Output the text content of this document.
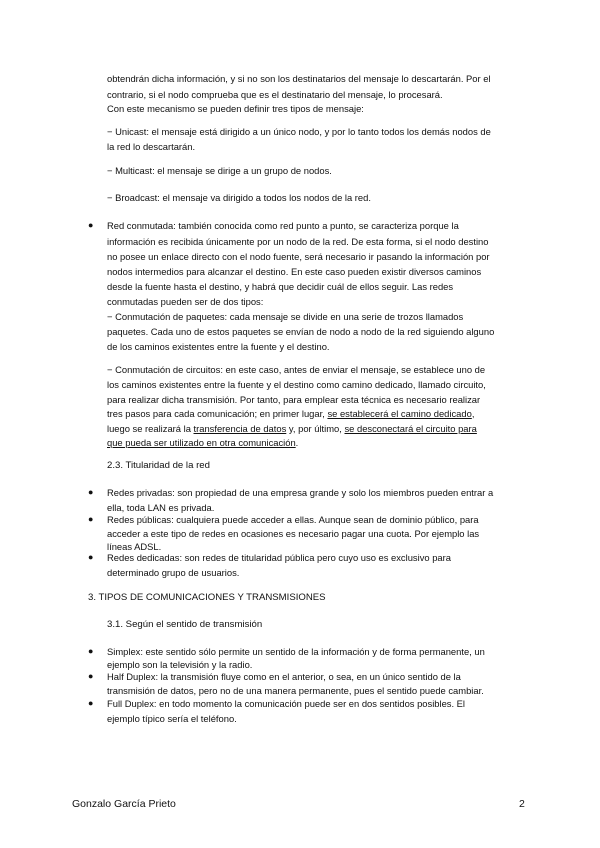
obtendrán dicha información, y si no son los destinatarios del mensaje lo descartarán. Por el

contrario, si el nodo comprueba que es el destinatario del mensaje, lo procesará.

Con este mecanismo se pueden definir tres tipos de mensaje:

− Unicast: el mensaje está dirigido a un único nodo, y por lo tanto todos los demás nodos de

la red lo descartarán.

− Multicast: el mensaje se dirige a un grupo de nodos.

− Broadcast: el mensaje va dirigido a todos los nodos de la red.

● Red conmutada: también conocida como red punto a punto, se caracteriza porque la

información es recibida únicamente por un nodo de la red. De esta forma, si el nodo destino

no posee un enlace directo con el nodo fuente, será necesario ir pasando la información por

nodos intermedios para alcanzar el destino. En este caso pueden existir diversos caminos

desde la fuente hasta el destino, y habrá que decidir cuál de ellos seguir. Las redes

conmutadas pueden ser de dos tipos:

− Conmutación de paquetes: cada mensaje se divide en una serie de trozos llamados

paquetes. Cada uno de estos paquetes se envían de nodo a nodo de la red siguiendo alguno

de los caminos existentes entre la fuente y el destino.

− Conmutación de circuitos: en este caso, antes de enviar el mensaje, se establece uno de

los caminos existentes entre la fuente y el destino como camino dedicado, llamado circuito,

para realizar dicha transmisión. Por tanto, para emplear esta técnica es necesario realizar

tres pasos para cada comunicación; en primer lugar, se establecerá el camino dedicado,

luego se realizará la transferencia de datos y, por último, se desconectará el circuito para

que pueda ser utilizado en otra comunicación.

2.3. Titularidad de la red

● Redes privadas: son propiedad de una empresa grande y solo los miembros pueden entrar a

ella, toda LAN es privada.

● Redes públicas: cualquiera puede acceder a ellas. Aunque sean de dominio público, para

acceder a este tipo de redes en ocasiones es necesario pagar una cuota. Por ejemplo las

líneas ADSL.

● Redes dedicadas: son redes de titularidad pública pero cuyo uso es exclusivo para

determinado grupo de usuarios.

3. TIPOS DE COMUNICACIONES Y TRANSMISIONES

3.1. Según el sentido de transmisión

● Simplex: este sentido sólo permite un sentido de la información y de forma permanente, un

ejemplo son la televisión y la radio.

● Half Duplex: la transmisión fluye como en el anterior, o sea, en un único sentido de la

transmisión de datos, pero no de una manera permanente, pues el sentido puede cambiar.

● Full Duplex: en todo momento la comunicación puede ser en dos sentidos posibles. El

ejemplo típico sería el teléfono.

Gonzalo García Prieto	2
